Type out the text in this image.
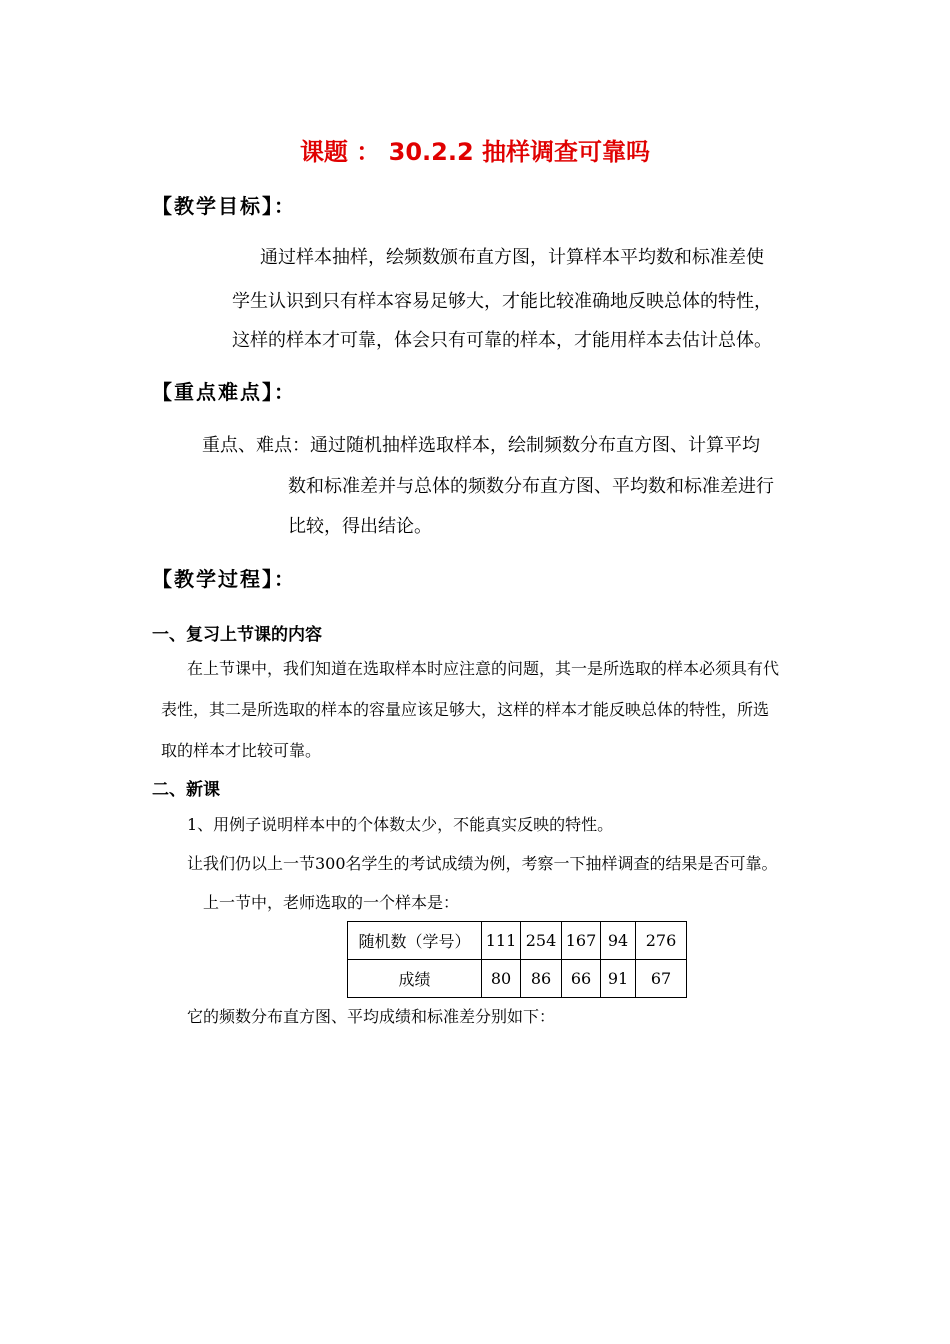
课题 ： 30.2.2 抽样调查可靠吗
【教学目标】：
通过样本抽样，绘频数颁布直方图，计算样本平均数和标准差使
学生认识到只有样本容易足够大，才能比较准确地反映总体的特性，
这样的样本才可靠，体会只有可靠的样本，才能用样本去估计总体。
【重点难点】：
重点、难点：通过随机抽样选取样本，绘制频数分布直方图、计算平均
数和标准差并与总体的频数分布直方图、平均数和标准差进行
比较，得出结论。
【教学过程】：
一、复习上节课的内容
在上节课中，我们知道在选取样本时应注意的问题，其一是所选取的样本必须具有代
表性，其二是所选取的样本的容量应该足够大，这样的样本才能反映总体的特性，所选
取的样本才比较可靠。
二、新课
1、用例子说明样本中的个体数太少，不能真实反映的特性。
让我们仍以上一节300名学生的考试成绩为例，考察一下抽样调查的结果是否可靠。
上一节中，老师选取的一个样本是：
随机数（学号）	111	254	167	94	276
成绩	80	86	66	91	67
它的频数分布直方图、平均成绩和标准差分别如下：
